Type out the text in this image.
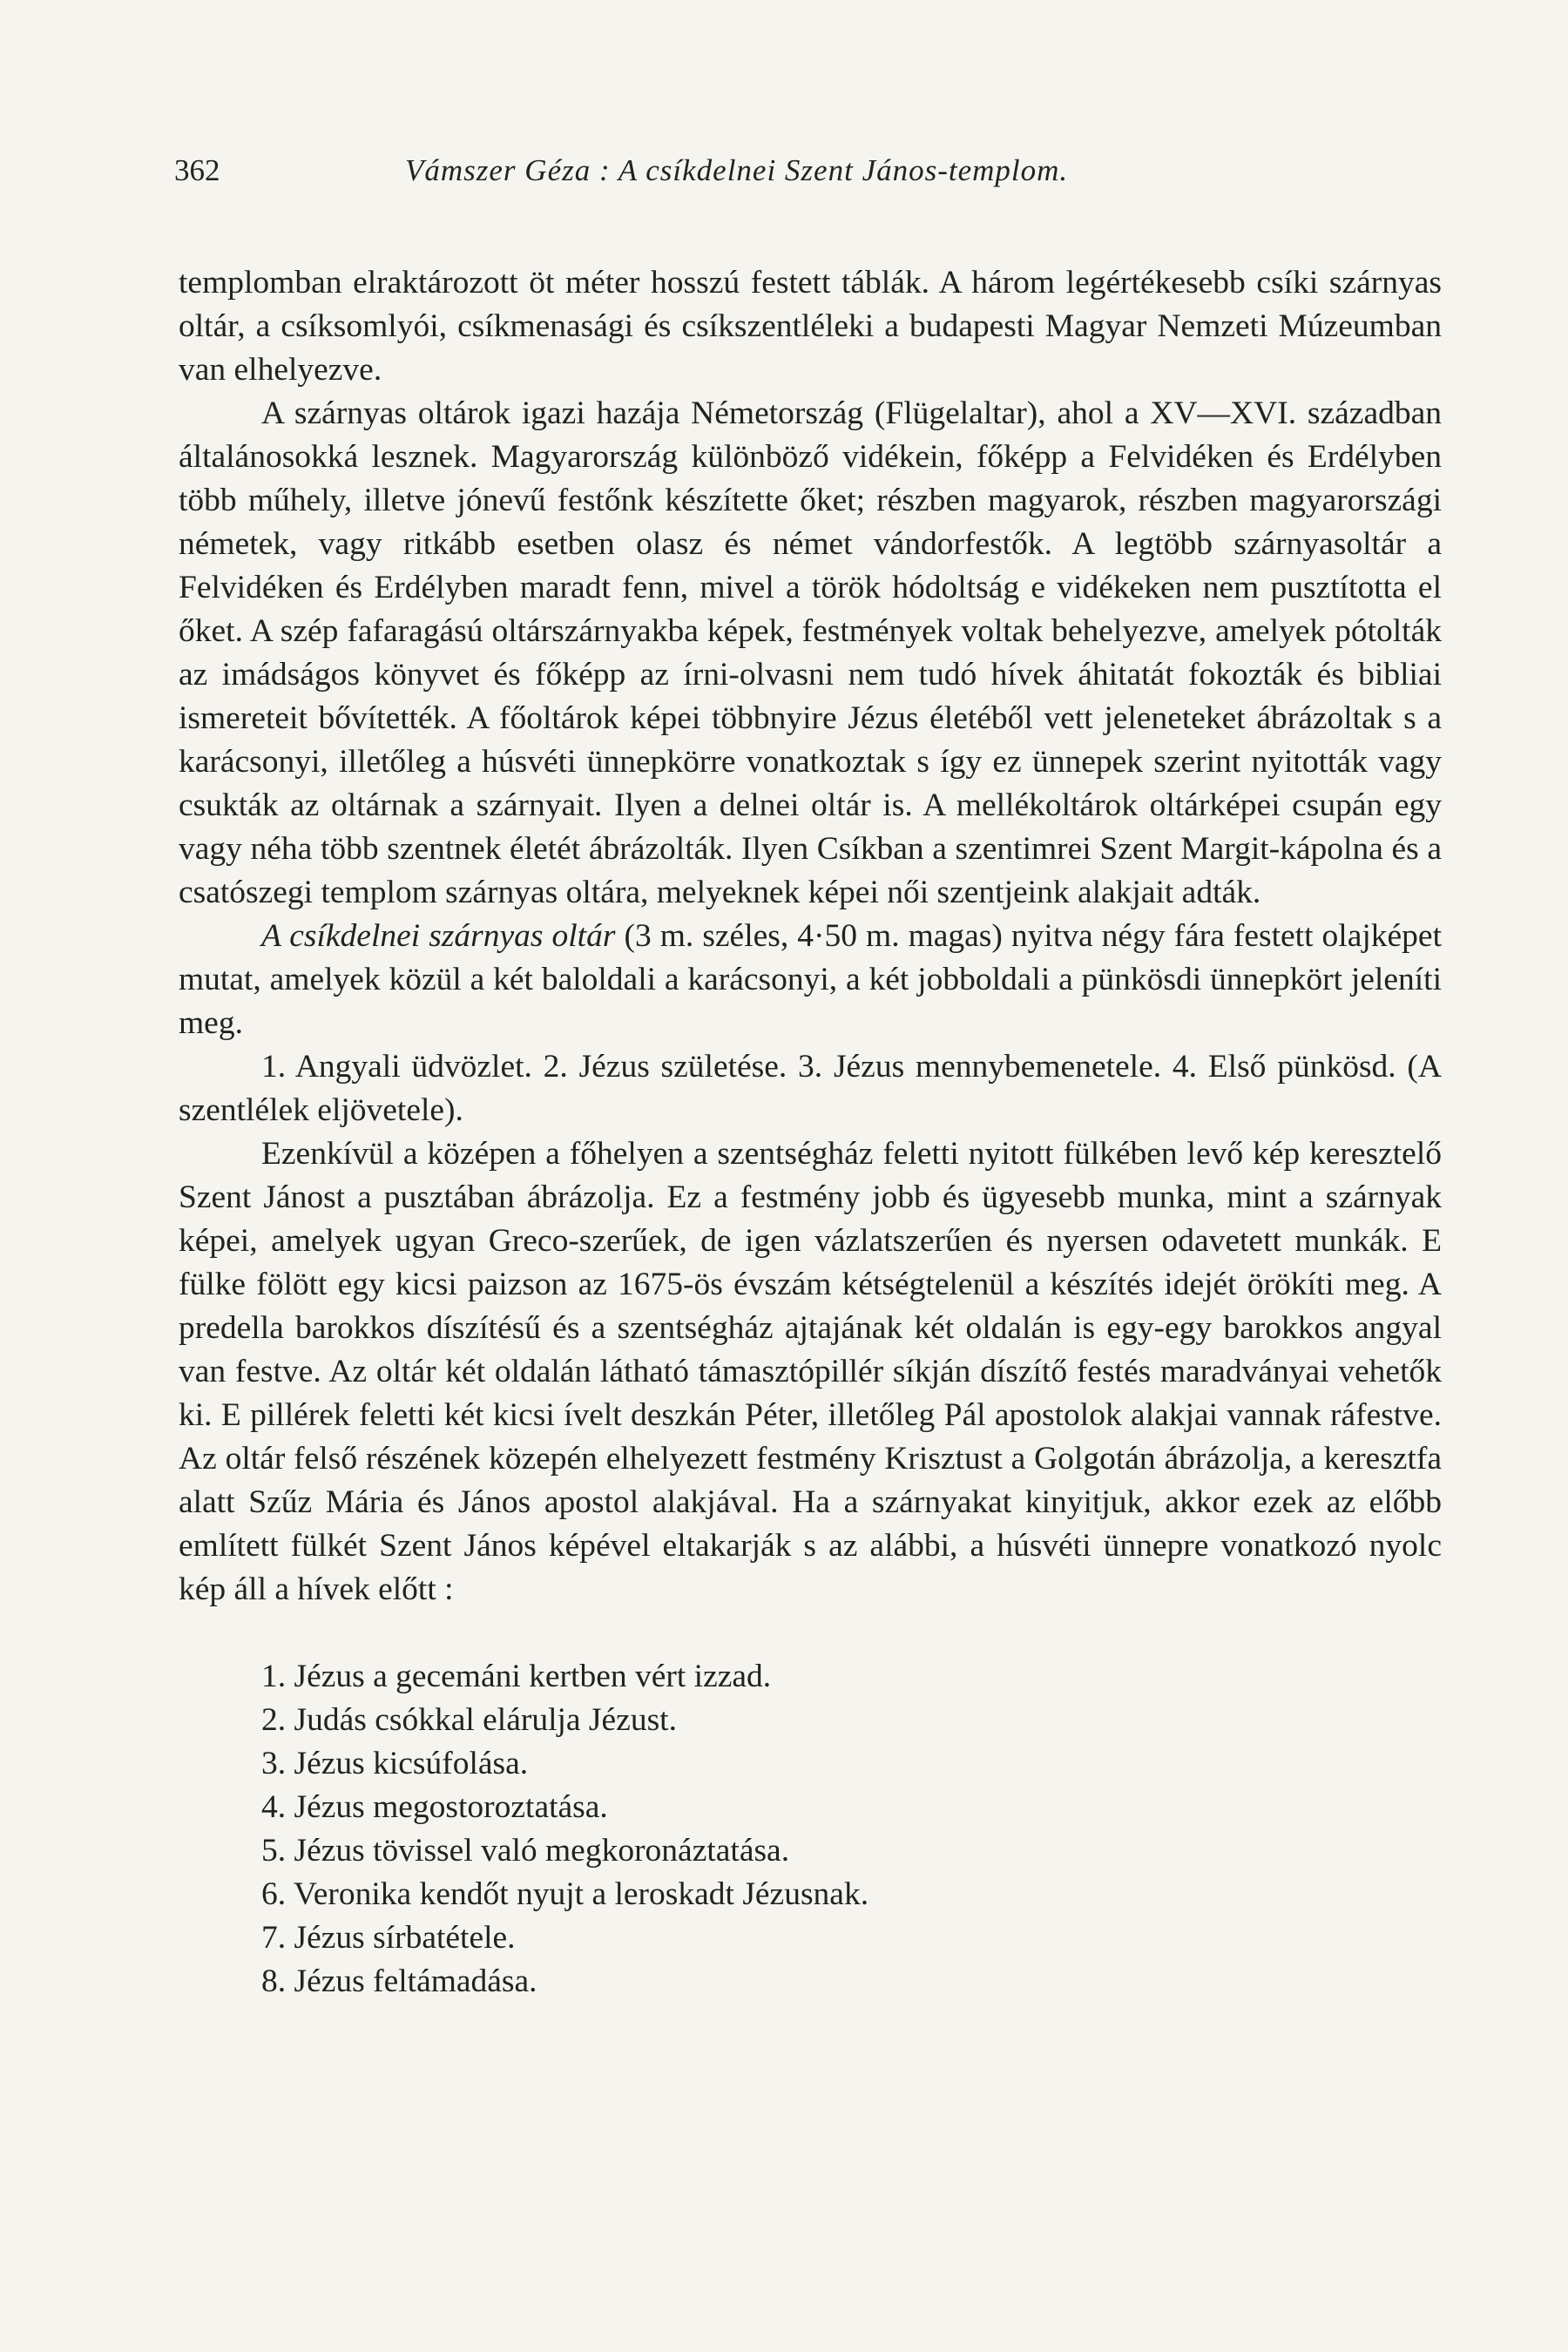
362	Vámszer Géza : A csíkdelnei Szent János-templom.

templomban elraktározott öt méter hosszú festett táblák. A három legértékesebb csíki szárnyas oltár, a csíksomlyói, csíkmenasági és csíkszentléleki a budapesti Magyar Nemzeti Múzeumban van elhelyezve.

A szárnyas oltárok igazi hazája Németország (Flügelaltar), ahol a XV—XVI. században általánosokká lesznek. Magyarország különböző vidékein, főképp a Felvidéken és Erdélyben több műhely, illetve jónevű festőnk készítette őket; részben magyarok, részben magyarországi németek, vagy ritkább esetben olasz és német vándorfestők. A legtöbb szárnyasoltár a Felvidéken és Erdélyben maradt fenn, mivel a török hódoltság e vidékeken nem pusztította el őket. A szép fafaragású oltárszárnyakba képek, festmények voltak behelyezve, amelyek pótolták az imádságos könyvet és főképp az írni-olvasni nem tudó hívek áhitatát fokozták és bibliai ismereteit bővítették. A főoltárok képei többnyire Jézus életéből vett jeleneteket ábrázoltak s a karácsonyi, illetőleg a húsvéti ünnepkörre vonatkoztak s így ez ünnepek szerint nyitották vagy csukták az oltárnak a szárnyait. Ilyen a delnei oltár is. A mellékoltárok oltárképei csupán egy vagy néha több szentnek életét ábrázolták. Ilyen Csíkban a szentimrei Szent Margit-kápolna és a csatószegi templom szárnyas oltára, melyeknek képei női szentjeink alakjait adták.

A csíkdelnei szárnyas oltár (3 m. széles, 4·50 m. magas) nyitva négy fára festett olajképet mutat, amelyek közül a két baloldali a karácsonyi, a két jobboldali a pünkösdi ünnepkört jeleníti meg.

1. Angyali üdvözlet. 2. Jézus születése. 3. Jézus mennybemenetele. 4. Első pünkösd. (A szentlélek eljövetele).

Ezenkívül a középen a főhelyen a szentségház feletti nyitott fülkében levő kép keresztelő Szent Jánost a pusztában ábrázolja. Ez a festmény jobb és ügyesebb munka, mint a szárnyak képei, amelyek ugyan Greco-szerűek, de igen vázlatszerűen és nyersen odavetett munkák. E fülke fölött egy kicsi paizson az 1675-ös évszám kétségtelenül a készítés idejét örökíti meg. A predella barokkos díszítésű és a szentségház ajtajának két oldalán is egy-egy barokkos angyal van festve. Az oltár két oldalán látható támasztópillér síkján díszítő festés maradványai vehetők ki. E pillérek feletti két kicsi ívelt deszkán Péter, illetőleg Pál apostolok alakjai vannak ráfestve. Az oltár felső részének közepén elhelyezett festmény Krisztust a Golgotán ábrázolja, a keresztfa alatt Szűz Mária és János apostol alakjával. Ha a szárnyakat kinyitjuk, akkor ezek az előbb említett fülkét Szent János képével eltakarják s az alábbi, a húsvéti ünnepre vonatkozó nyolc kép áll a hívek előtt :

1. Jézus a gecemáni kertben vért izzad.
2. Judás csókkal elárulja Jézust.
3. Jézus kicsúfolása.
4. Jézus megostoroztatása.
5. Jézus tövissel való megkoronáztatása.
6. Veronika kendőt nyujt a leroskadt Jézusnak.
7. Jézus sírbatétele.
8. Jézus feltámadása.
